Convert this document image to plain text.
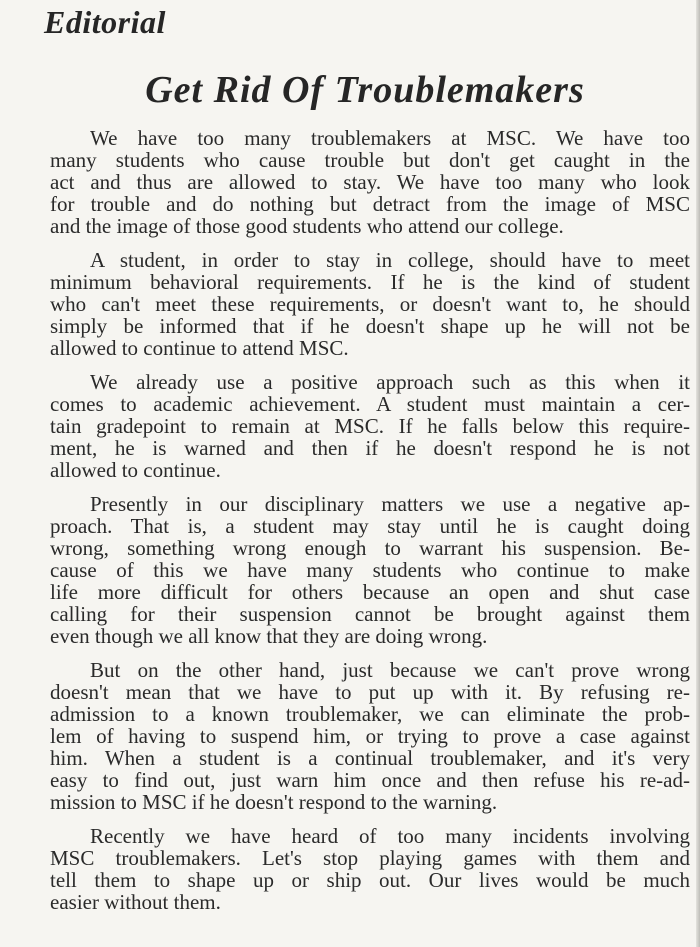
Editorial
Get Rid Of Troublemakers
We have too many troublemakers at MSC. We have too
many students who cause trouble but don't get caught in the
act and thus are allowed to stay. We have too many who look
for trouble and do nothing but detract from the image of MSC
and the image of those good students who attend our college.
A student, in order to stay in college, should have to meet
minimum behavioral requirements. If he is the kind of student
who can't meet these requirements, or doesn't want to, he should
simply be informed that if he doesn't shape up he will not be
allowed to continue to attend MSC.
We already use a positive approach such as this when it
comes to academic achievement. A student must maintain a cer-
tain gradepoint to remain at MSC. If he falls below this require-
ment, he is warned and then if he doesn't respond he is not
allowed to continue.
Presently in our disciplinary matters we use a negative ap-
proach. That is, a student may stay until he is caught doing
wrong, something wrong enough to warrant his suspension. Be-
cause of this we have many students who continue to make
life more difficult for others because an open and shut case
calling for their suspension cannot be brought against them
even though we all know that they are doing wrong.
But on the other hand, just because we can't prove wrong
doesn't mean that we have to put up with it. By refusing re-
admission to a known troublemaker, we can eliminate the prob-
lem of having to suspend him, or trying to prove a case against
him. When a student is a continual troublemaker, and it's very
easy to find out, just warn him once and then refuse his re-ad-
mission to MSC if he doesn't respond to the warning.
Recently we have heard of too many incidents involving
MSC troublemakers. Let's stop playing games with them and
tell them to shape up or ship out. Our lives would be much
easier without them.
